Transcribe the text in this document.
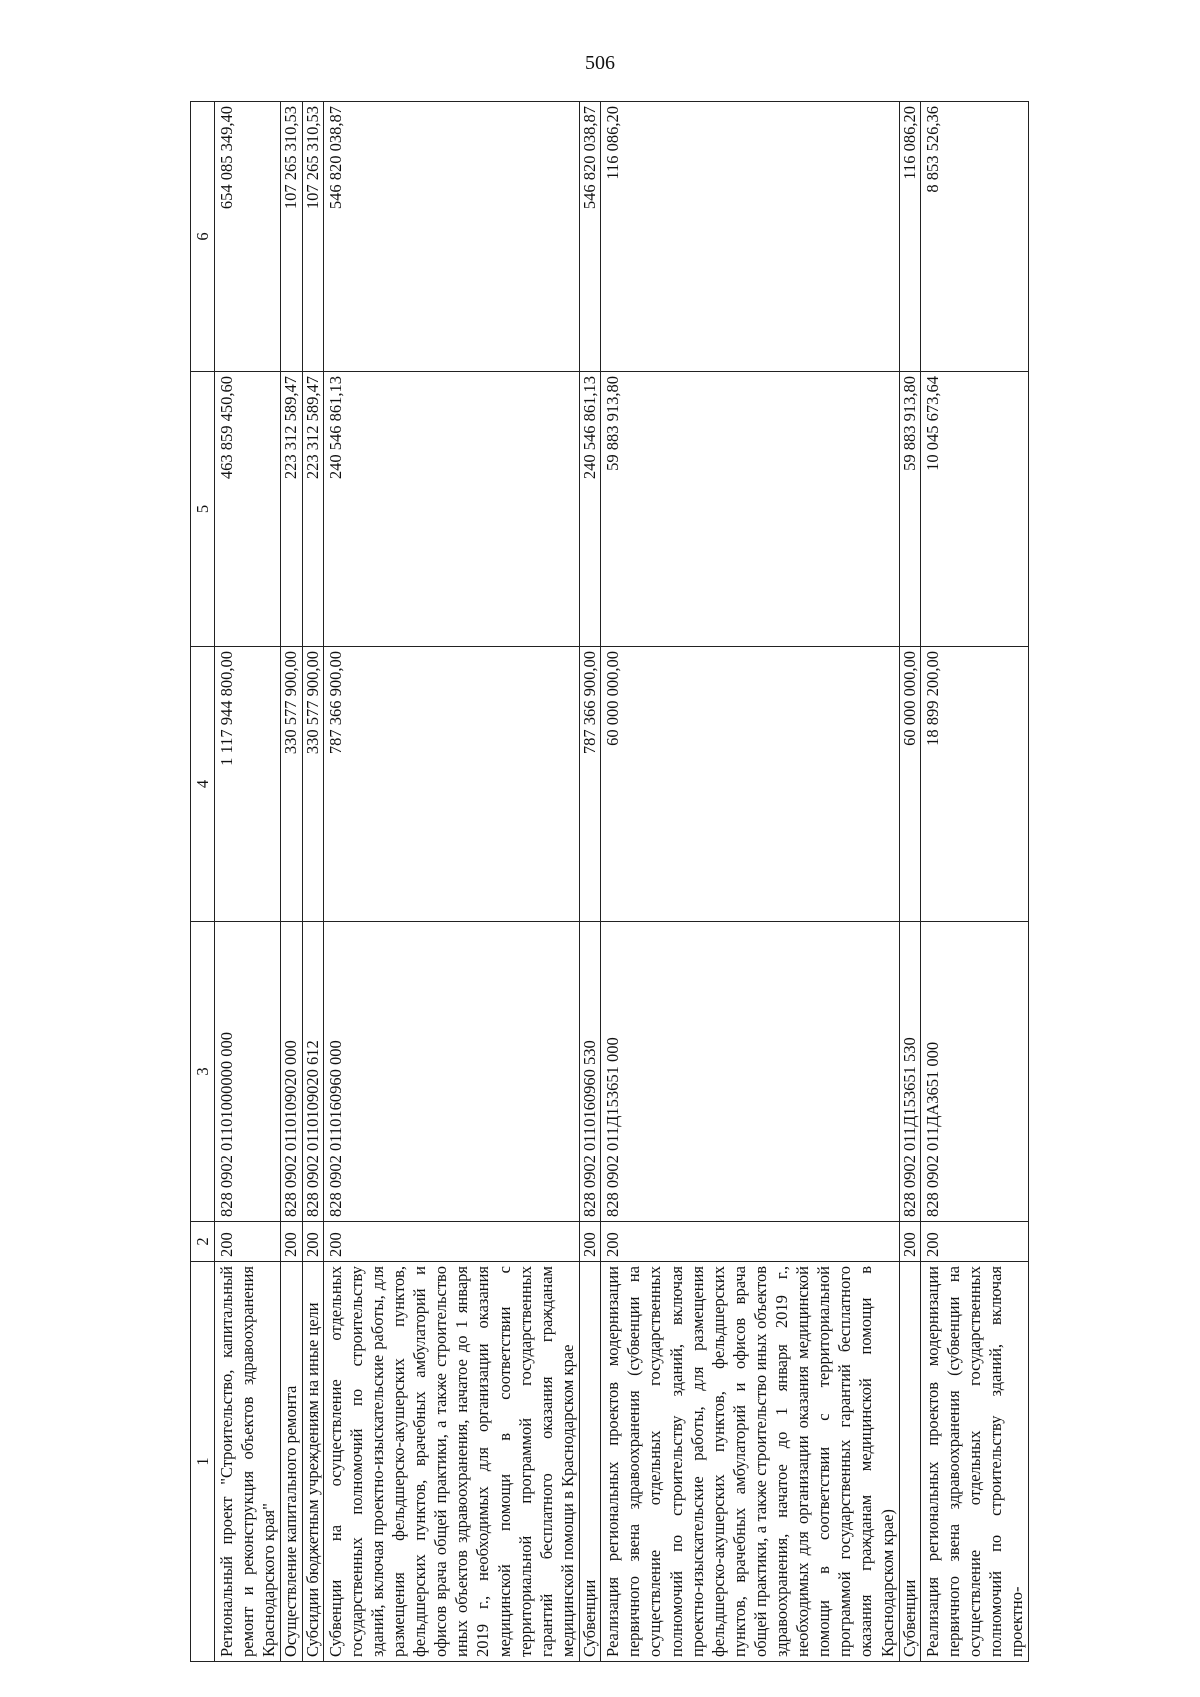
506
1	2	3	4	5	6
Региональный проект "Строительство, капитальный ремонт и реконструкция объектов здравоохранения Краснодарского края"	200	828 0902 01101000000 000	1 117 944 800,00	463 859 450,60	654 085 349,40
Осуществление капитального ремонта	200	828 0902 0110109020 000	330 577 900,00	223 312 589,47	107 265 310,53
Субсидии бюджетным учреждениям на иные цели	200	828 0902 0110109020 612	330 577 900,00	223 312 589,47	107 265 310,53
Субвенции на осуществление отдельных государственных полномочий по строительству зданий, включая проектно-изыскательские работы, для размещения фельдшерско-акушерских пунктов, фельдшерских пунктов, врачебных амбулаторий и офисов врача общей практики, а также строительство иных объектов здравоохранения, начатое до 1 января 2019 г., необходимых для организации оказания медицинской помощи в соответствии с территориальной программой государственных гарантий бесплатного оказания гражданам медицинской помощи в Краснодарском крае	200	828 0902 0110160960 000	787 366 900,00	240 546 861,13	546 820 038,87
Субвенции	200	828 0902 0110160960 530	787 366 900,00	240 546 861,13	546 820 038,87
Реализация региональных проектов модернизации первичного звена здравоохранения (субвенции на осуществление отдельных государственных полномочий по строительству зданий, включая проектно-изыскательские работы, для размещения фельдшерско-акушерских пунктов, фельдшерских пунктов, врачебных амбулаторий и офисов врача общей практики, а также строительство иных объектов здравоохранения, начатое до 1 января 2019 г., необходимых для организации оказания медицинской помощи в соответствии с территориальной программой государственных гарантий бесплатного оказания гражданам медицинской помощи в Краснодарском крае)	200	828 0902 011Д153651 000	60 000 000,00	59 883 913,80	116 086,20
Субвенции	200	828 0902 011Д153651 530	60 000 000,00	59 883 913,80	116 086,20
Реализация региональных проектов модернизации первичного звена здравоохранения (субвенции на осуществление отдельных государственных полномочий по строительству зданий, включая проектно-	200	828 0902 011ДА3651 000	18 899 200,00	10 045 673,64	8 853 526,36
